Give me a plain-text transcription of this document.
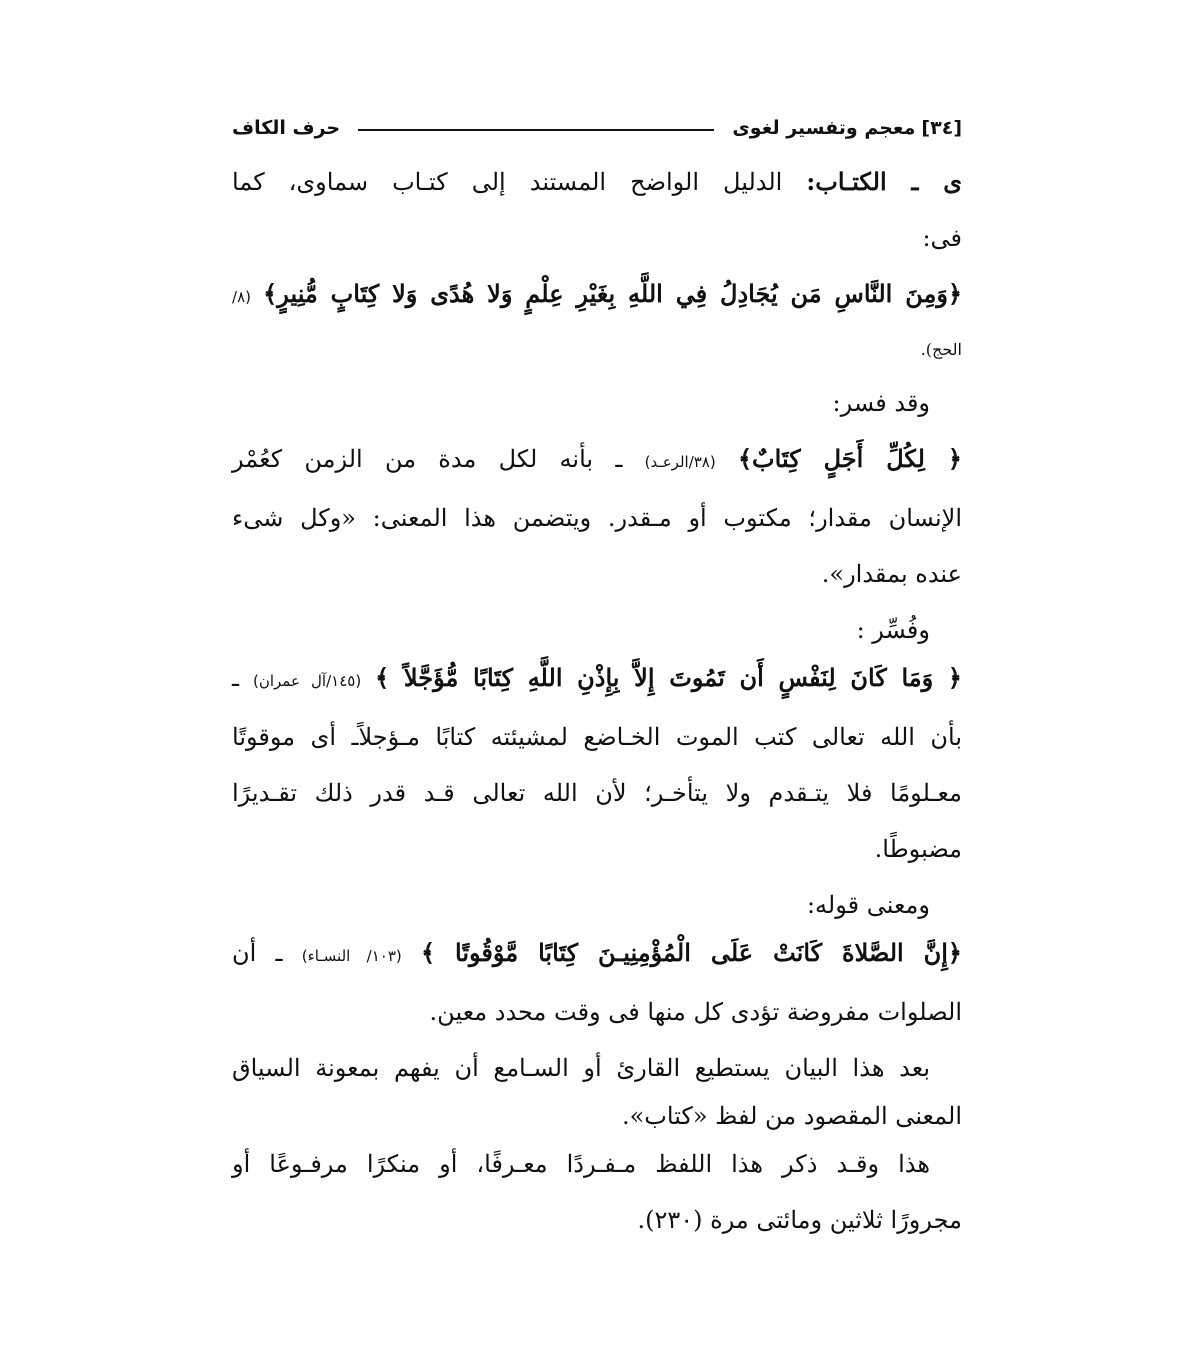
[٣٤]
معجم وتفسير لغوى
حرف الكاف
ى ـ الكتـاب: الدليل الواضح المستند إلى كتـاب سماوى، كما
فى:
﴿وَمِنَ النَّاسِ مَن يُجَادِلُ فِي اللَّهِ بِغَيْرِ عِلْمٍ وَلا هُدًى وَلا كِتَابٍ مُّنِيرٍ﴾ (٨/
الحج).
وقد فسر:
﴿ لِكُلِّ أَجَلٍ كِتَابٌ﴾ (٣٨/الرعـد) ـ بأنه لكل مدة من الزمن كعُمْر
الإنسان مقدار؛ مكتوب أو مـقدر. ويتضمن هذا المعنى: «وكل شىء
عنده بمقدار».
وفُسِّر :
﴿ وَمَا كَانَ لِنَفْسٍ أَن تَمُوتَ إِلاَّ بِإِذْنِ اللَّهِ كِتَابًا مُّؤَجَّلاً ﴾ (١٤٥/آل عمران) ـ
بأن الله تعالى كتب الموت الخـاضع لمشيئته كتابًا مـؤجلاًـ أى موقوتًا
معـلومًا فلا يتـقدم ولا يتأخـر؛ لأن الله تعالى قـد قدر ذلك تقـديرًا
مضبوطًا.
ومعنى قوله:
﴿إِنَّ الصَّلاةَ كَانَتْ عَلَى الْمُؤْمِنِيـنَ كِتَابًا مَّوْقُوتًا ﴾ (١٠٣/ النسـاء) ـ أن
الصلوات مفروضة تؤدى كل منها فى وقت محدد معين.
بعد هذا البيان يستطيع القارئ أو السـامع أن يفهم بمعونة السياق
المعنى المقصود من لفظ «كتاب».
هذا وقـد ذكر هذا اللفظ مـفـردًا معـرفًا، أو منكرًا مرفـوعًا أو
مجرورًا ثلاثين ومائتى مرة (٢٣٠).
